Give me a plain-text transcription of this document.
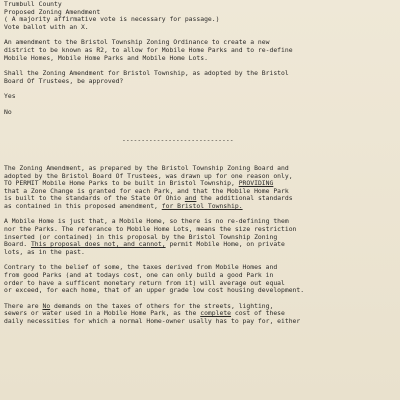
Trumbull County

Proposed Zoning Amendment

( A majority affirmative vote is necessary for passage.)

Vote ballot with an X.

An amendment to the Bristol Township Zoning Ordinance to create a new

district to be known as R2, to allow for Mobile Home Parks and to re-define

Mobile Homes, Mobile Home Parks and Mobile Home Lots.

Shall the Zoning Amendment for Bristol Township, as adopted by the Bristol

Board Of Trustees, be approved?

Yes

No

-----------------------------

The Zoning Amendment, as prepared by the Bristol Township Zoning Board and

adopted by the Bristol Board Of Trustees, was drawn up for one reason only,

TO PERMIT Mobile Home Parks to be built in Bristol Township, PROVIDING

that a Zone Change is granted for each Park, and that the Mobile Home Park

is built to the standards of the State Of Ohio and the additional standards

as contained in this proposed amendment, for Bristol Township.

A Mobile Home is just that, a Mobile Home, so there is no re-defining them

nor the Parks. The referance to Mobile Home Lots, means the size restriction

inserted (or contained) in this proposal by the Bristol Township Zoning

Board. This proposal does not, and cannot, permit Mobile Home, on private

lots, as in the past.

Contrary to the belief of some, the taxes derived from Mobile Homes and

from good Parks (and at todays cost, one can only build a good Park in

order to have a sufficent monetary return from it) will average out equal

or exceed, for each home, that of an upper grade low cost housing development.

There are No demands on the taxes of others for the streets, lighting,

sewers or water used in a Mobile Home Park, as the complete cost of these

daily necessities for which a normal Home-owner usally has to pay for, either
